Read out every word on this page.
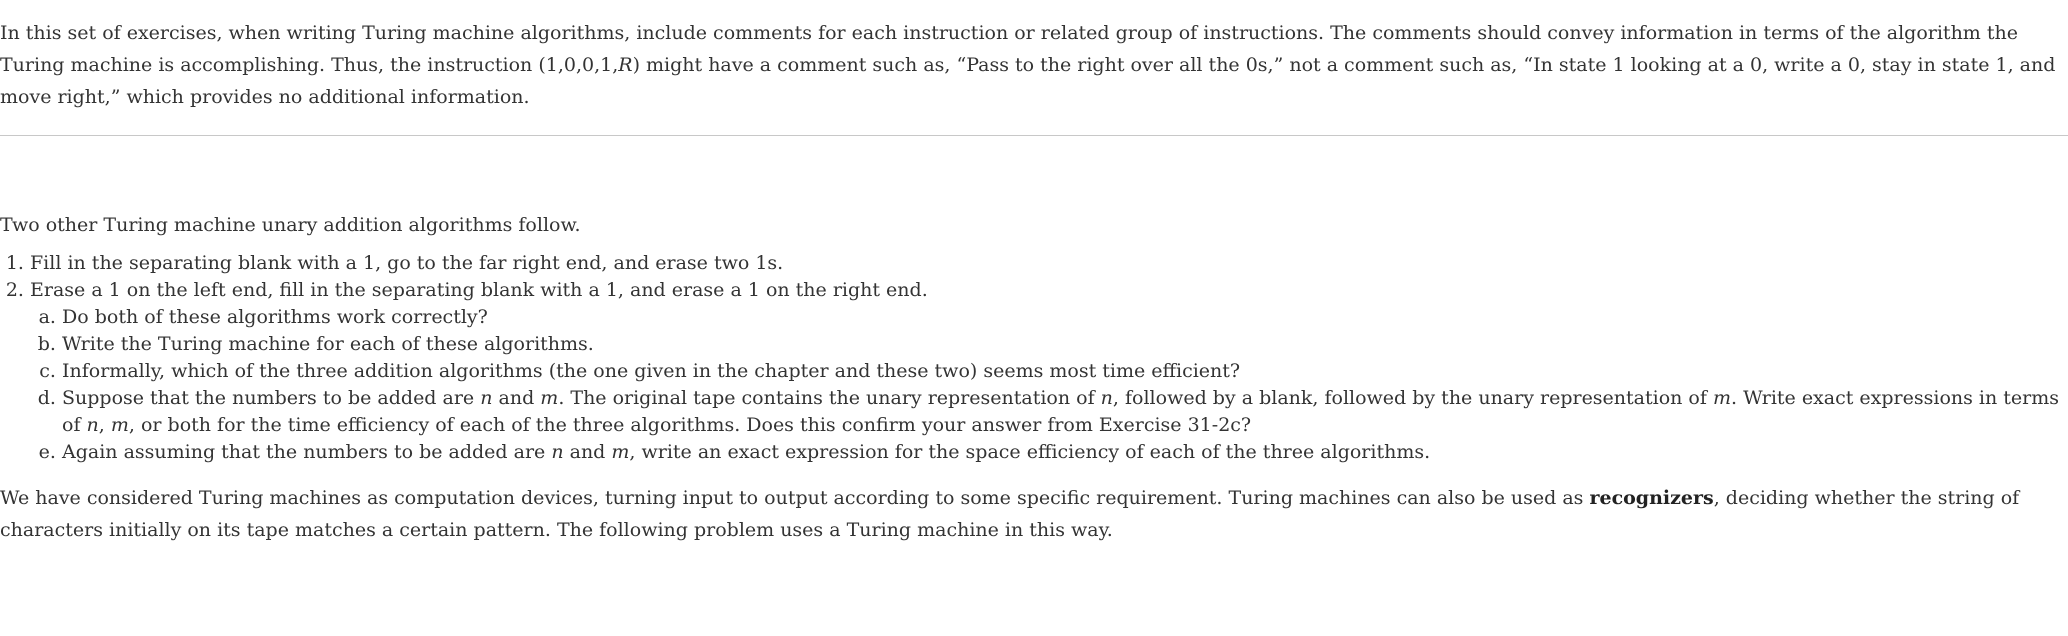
In this set of exercises, when writing Turing machine algorithms, include comments for each instruction or related group of instructions. The comments should convey information in terms of the algorithm the Turing machine is accomplishing. Thus, the instruction (1,0,0,1,R) might have a comment such as, “Pass to the right over all the 0s,” not a comment such as, “In state 1 looking at a 0, write a 0, stay in state 1, and move right,” which provides no additional information.

Two other Turing machine unary addition algorithms follow.

1. Fill in the separating blank with a 1, go to the far right end, and erase two 1s.
2. Erase a 1 on the left end, fill in the separating blank with a 1, and erase a 1 on the right end.
a. Do both of these algorithms work correctly?
b. Write the Turing machine for each of these algorithms.
c. Informally, which of the three addition algorithms (the one given in the chapter and these two) seems most time efficient?
d. Suppose that the numbers to be added are n and m. The original tape contains the unary representation of n, followed by a blank, followed by the unary representation of m. Write exact expressions in terms of n, m, or both for the time efficiency of each of the three algorithms. Does this confirm your answer from Exercise 31-2c?
e. Again assuming that the numbers to be added are n and m, write an exact expression for the space efficiency of each of the three algorithms.

We have considered Turing machines as computation devices, turning input to output according to some specific requirement. Turing machines can also be used as recognizers, deciding whether the string of characters initially on its tape matches a certain pattern. The following problem uses a Turing machine in this way.
